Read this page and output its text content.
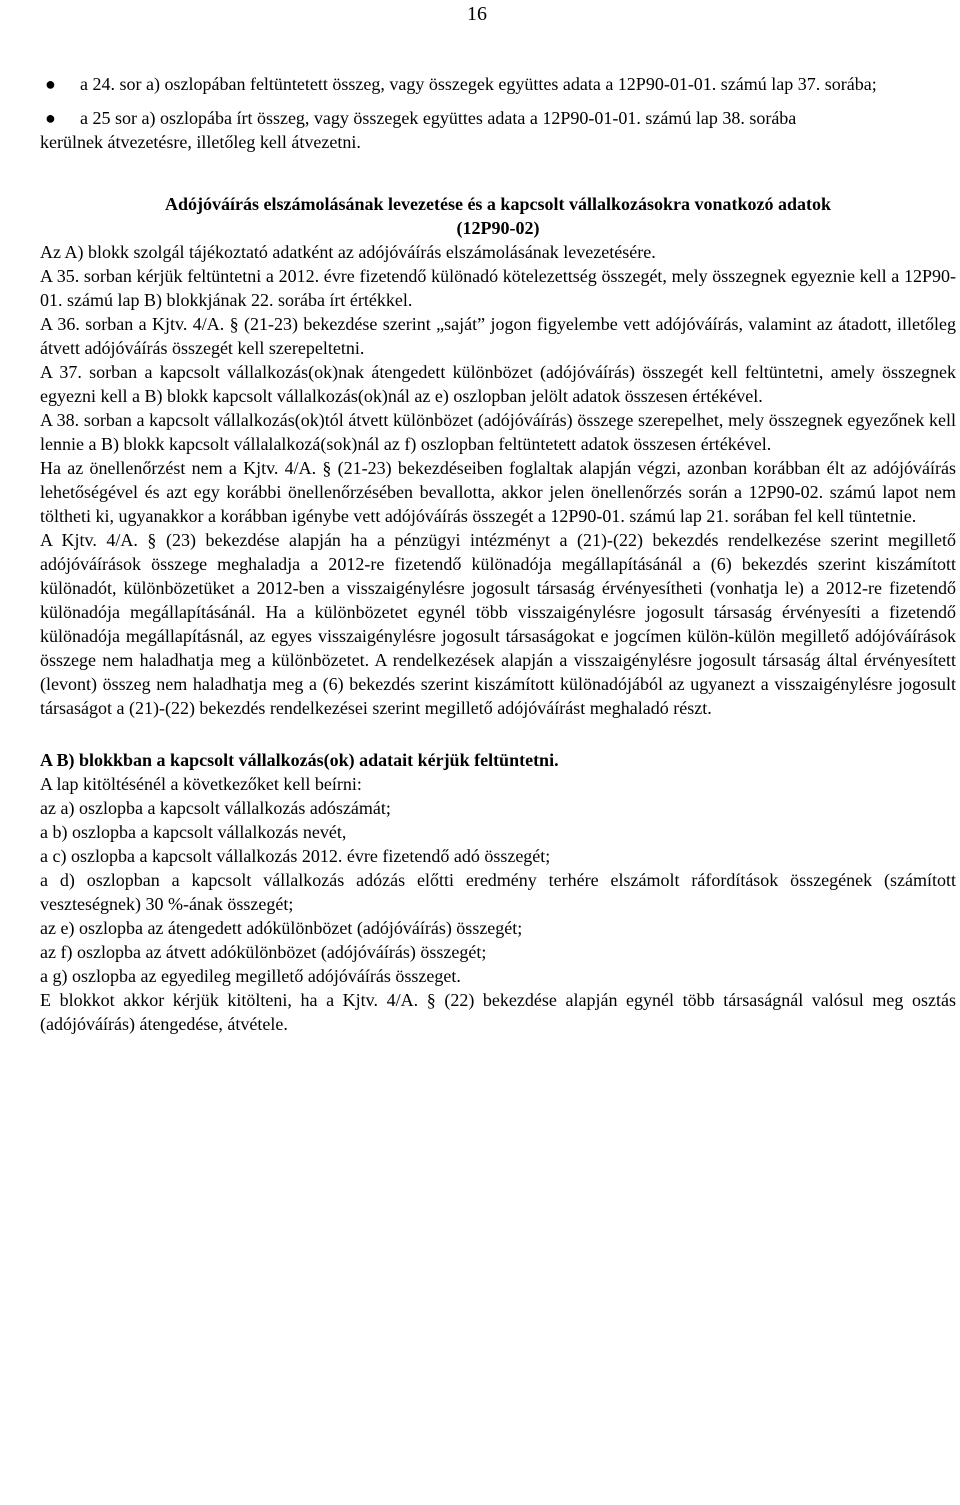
16
● a 24. sor a) oszlopában feltüntetett összeg, vagy összegek együttes adata a 12P90-01-01. számú lap 37. sorába;
● a 25 sor a) oszlopába írt összeg, vagy összegek együttes adata a 12P90-01-01. számú lap 38. sorába

kerülnek átvezetésre, illetőleg kell átvezetni.

Adójóváírás elszámolásának levezetése és a kapcsolt vállalkozásokra vonatkozó adatok
(12P90-02)

Az A) blokk szolgál tájékoztató adatként az adójóváírás elszámolásának levezetésére.

A 35. sorban kérjük feltüntetni a 2012. évre fizetendő különadó kötelezettség összegét, mely összegnek egyeznie kell a 12P90-01. számú lap B) blokkjának 22. sorába írt értékkel.

A 36. sorban a Kjtv. 4/A. § (21-23) bekezdése szerint „saját” jogon figyelembe vett adójóváírás, valamint az átadott, illetőleg átvett adójóváírás összegét kell szerepeltetni.

A 37. sorban a kapcsolt vállalkozás(ok)nak átengedett különbözet (adójóváírás) összegét kell feltüntetni, amely összegnek egyezni kell a B) blokk kapcsolt vállalkozás(ok)nál az e) oszlopban jelölt adatok összesen értékével.

A 38. sorban a kapcsolt vállalkozás(ok)tól átvett különbözet (adójóváírás) összege szerepelhet, mely összegnek egyezőnek kell lennie a B) blokk kapcsolt vállalalkozá(sok)nál az f) oszlopban feltüntetett adatok összesen értékével.

Ha az önellenőrzést nem a Kjtv. 4/A. § (21-23) bekezdéseiben foglaltak alapján végzi, azonban korábban élt az adójóváírás lehetőségével és azt egy korábbi önellenőrzésében bevallotta, akkor jelen önellenőrzés során a 12P90-02. számú lapot nem töltheti ki, ugyanakkor a korábban igénybe vett adójóváírás összegét a 12P90-01. számú lap 21. sorában fel kell tüntetnie.

A Kjtv. 4/A. § (23) bekezdése alapján ha a pénzügyi intézményt a (21)-(22) bekezdés rendelkezése szerint megillető adójóváírások összege meghaladja a 2012-re fizetendő különadója megállapításánál a (6) bekezdés szerint kiszámított különadót, különbözetüket a 2012-ben a visszaigénylésre jogosult társaság érvényesítheti (vonhatja le) a 2012-re fizetendő különadója megállapításánál. Ha a különbözetet egynél több visszaigénylésre jogosult társaság érvényesíti a fizetendő különadója megállapításnál, az egyes visszaigénylésre jogosult társaságokat e jogcímen külön-külön megillető adójóváírások összege nem haladhatja meg a különbözetet. A rendelkezések alapján a visszaigénylésre jogosult társaság által érvényesített (levont) összeg nem haladhatja meg a (6) bekezdés szerint kiszámított különadójából az ugyanezt a visszaigénylésre jogosult társaságot a (21)-(22) bekezdés rendelkezései szerint megillető adójóváírást meghaladó részt.

A B) blokkban a kapcsolt vállalkozás(ok) adatait kérjük feltüntetni.

A lap kitöltésénél a következőket kell beírni:

az a) oszlopba a kapcsolt vállalkozás adószámát;

a b) oszlopba a kapcsolt vállalkozás nevét,

a c) oszlopba a kapcsolt vállalkozás 2012. évre fizetendő adó összegét;

a d) oszlopban a kapcsolt vállalkozás adózás előtti eredmény terhére elszámolt ráfordítások összegének (számított veszteségnek) 30 %-ának összegét;

az e) oszlopba az átengedett adókülönbözet (adójóváírás) összegét;

az f) oszlopba az átvett adókülönbözet (adójóváírás) összegét;

a g) oszlopba az egyedileg megillető adójóváírás összeget.

E blokkot akkor kérjük kitölteni, ha a Kjtv. 4/A. § (22) bekezdése alapján egynél több társaságnál valósul meg osztás (adójóváírás) átengedése, átvétele.
